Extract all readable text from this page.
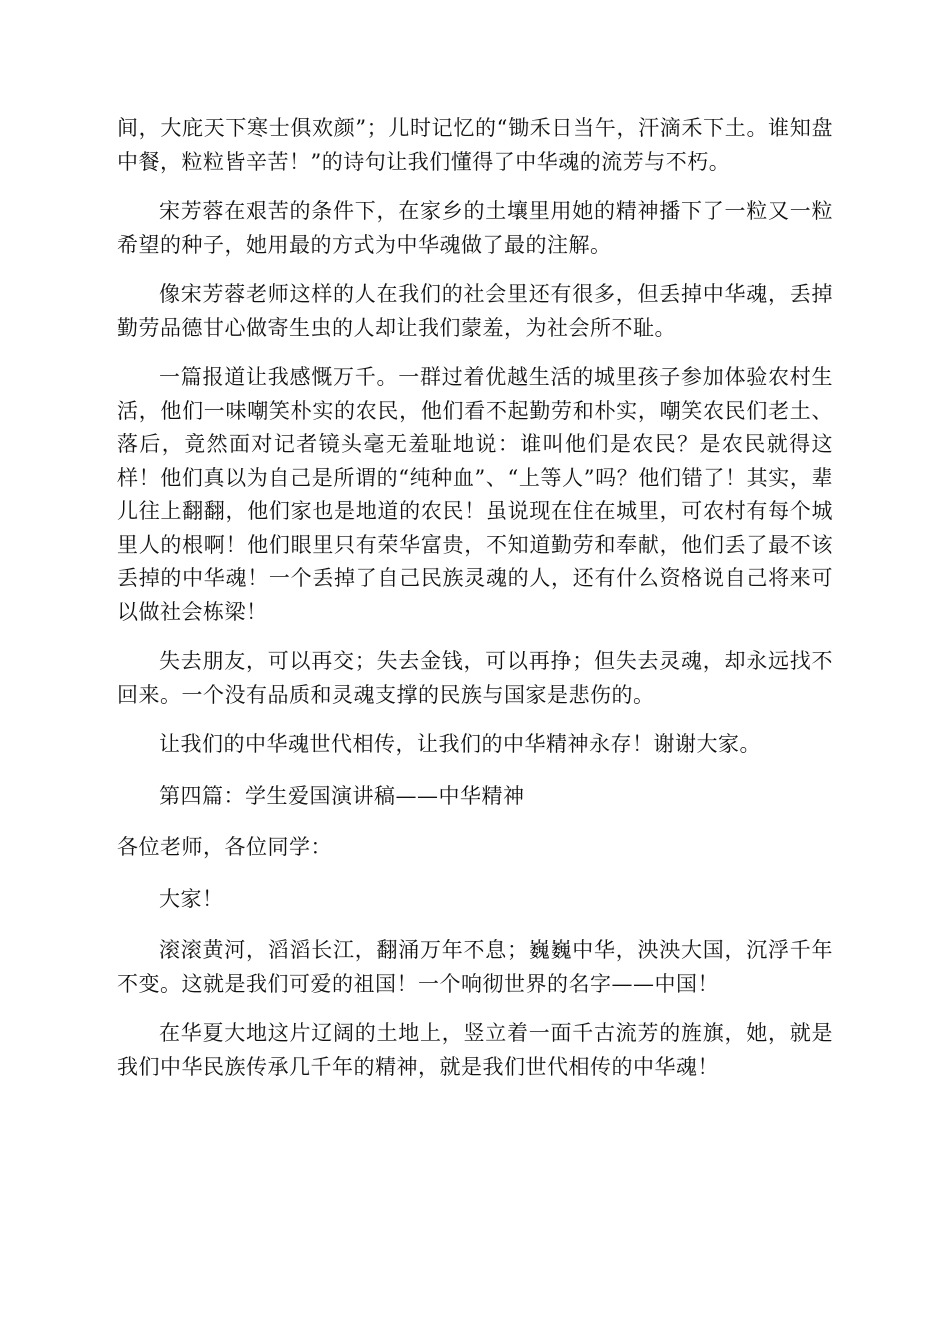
间，大庇天下寒士俱欢颜”；儿时记忆的“锄禾日当午，汗滴禾下土。谁知盘中餐，粒粒皆辛苦！”的诗句让我们懂得了中华魂的流芳与不朽。

宋芳蓉在艰苦的条件下，在家乡的土壤里用她的精神播下了一粒又一粒希望的种子，她用最的方式为中华魂做了最的注解。

像宋芳蓉老师这样的人在我们的社会里还有很多，但丢掉中华魂，丢掉勤劳品德甘心做寄生虫的人却让我们蒙羞，为社会所不耻。

一篇报道让我感慨万千。一群过着优越生活的城里孩子参加体验农村生活，他们一味嘲笑朴实的农民，他们看不起勤劳和朴实，嘲笑农民们老土、落后，竟然面对记者镜头毫无羞耻地说：谁叫他们是农民？是农民就得这样！他们真以为自己是所谓的“纯种血”、“上等人”吗？他们错了！其实，辈儿往上翻翻，他们家也是地道的农民！虽说现在住在城里，可农村有每个城里人的根啊！他们眼里只有荣华富贵，不知道勤劳和奉献，他们丢了最不该丢掉的中华魂！一个丢掉了自己民族灵魂的人，还有什么资格说自己将来可以做社会栋梁！

失去朋友，可以再交；失去金钱，可以再挣；但失去灵魂，却永远找不回来。一个没有品质和灵魂支撑的民族与国家是悲伤的。

让我们的中华魂世代相传，让我们的中华精神永存！谢谢大家。

第四篇：学生爱国演讲稿——中华精神

各位老师，各位同学：

大家！

滚滚黄河，滔滔长江，翻涌万年不息；巍巍中华，泱泱大国，沉浮千年不变。这就是我们可爱的祖国！一个响彻世界的名字——中国！

在华夏大地这片辽阔的土地上，竖立着一面千古流芳的旌旗，她，就是我们中华民族传承几千年的精神，就是我们世代相传的中华魂！
